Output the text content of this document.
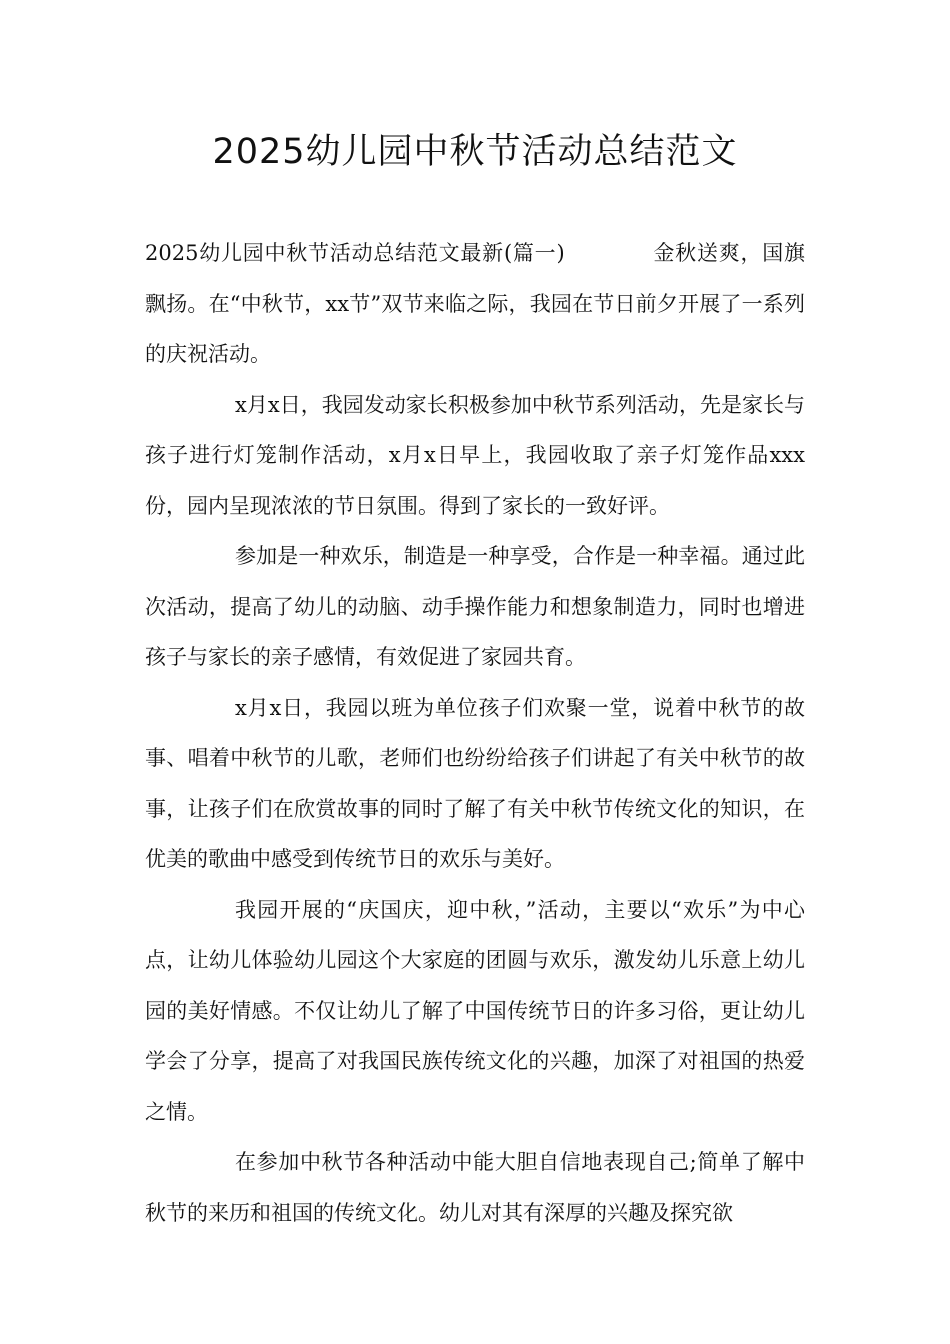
2025幼儿园中秋节活动总结范文

2025幼儿园中秋节活动总结范文最新(篇一)	金秋送爽，国旗飘扬。在“中秋节，xx节”双节来临之际，我园在节日前夕开展了一系列的庆祝活动。

x月x日，我园发动家长积极参加中秋节系列活动，先是家长与孩子进行灯笼制作活动，x月x日早上，我园收取了亲子灯笼作品xxx份，园内呈现浓浓的节日氛围。得到了家长的一致好评。

参加是一种欢乐，制造是一种享受，合作是一种幸福。通过此次活动，提高了幼儿的动脑、动手操作能力和想象制造力，同时也增进孩子与家长的亲子感情，有效促进了家园共育。

x月x日，我园以班为单位孩子们欢聚一堂，说着中秋节的故事、唱着中秋节的儿歌，老师们也纷纷给孩子们讲起了有关中秋节的故事，让孩子们在欣赏故事的同时了解了有关中秋节传统文化的知识，在优美的歌曲中感受到传统节日的欢乐与美好。

我园开展的“庆国庆，迎中秋，”活动，主要以“欢乐”为中心点，让幼儿体验幼儿园这个大家庭的团圆与欢乐，激发幼儿乐意上幼儿园的美好情感。不仅让幼儿了解了中国传统节日的许多习俗，更让幼儿学会了分享，提高了对我国民族传统文化的兴趣，加深了对祖国的热爱之情。

在参加中秋节各种活动中能大胆自信地表现自己;简单了解中秋节的来历和祖国的传统文化。幼儿对其有深厚的兴趣及探究欲
